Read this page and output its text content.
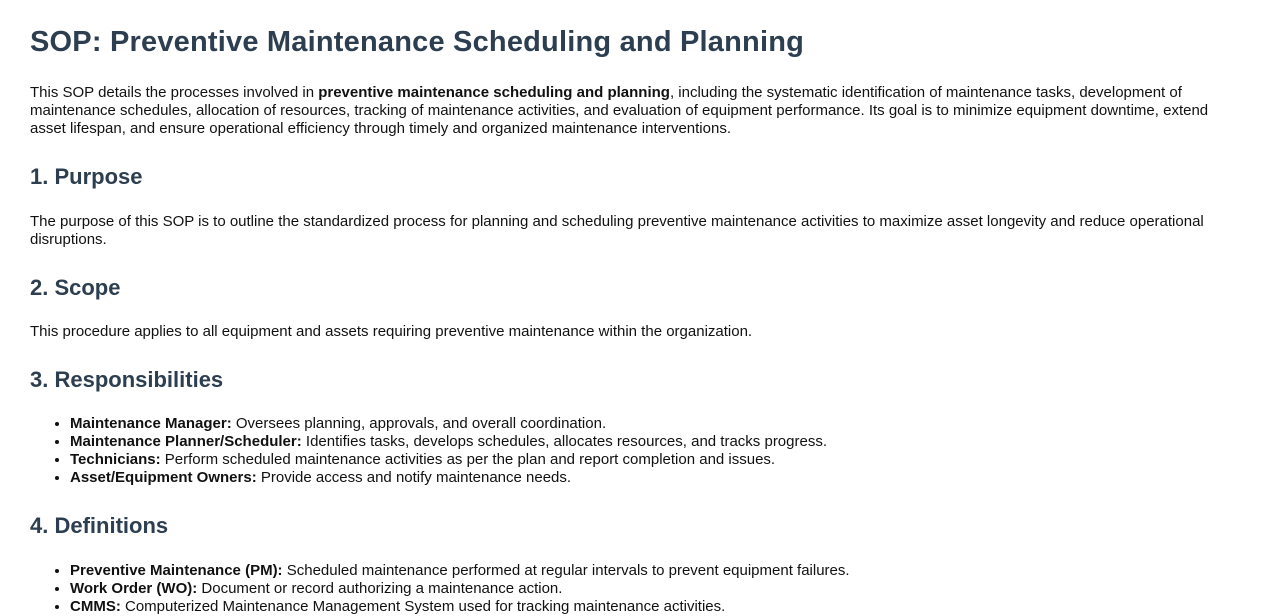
SOP: Preventive Maintenance Scheduling and Planning

This SOP details the processes involved in preventive maintenance scheduling and planning, including the systematic identification of maintenance tasks, development of maintenance schedules, allocation of resources, tracking of maintenance activities, and evaluation of equipment performance. Its goal is to minimize equipment downtime, extend asset lifespan, and ensure operational efficiency through timely and organized maintenance interventions.

1. Purpose

The purpose of this SOP is to outline the standardized process for planning and scheduling preventive maintenance activities to maximize asset longevity and reduce operational disruptions.

2. Scope

This procedure applies to all equipment and assets requiring preventive maintenance within the organization.

3. Responsibilities
• Maintenance Manager: Oversees planning, approvals, and overall coordination.
• Maintenance Planner/Scheduler: Identifies tasks, develops schedules, allocates resources, and tracks progress.
• Technicians: Perform scheduled maintenance activities as per the plan and report completion and issues.
• Asset/Equipment Owners: Provide access and notify maintenance needs.
4. Definitions
• Preventive Maintenance (PM): Scheduled maintenance performed at regular intervals to prevent equipment failures.
• Work Order (WO): Document or record authorizing a maintenance action.
• CMMS: Computerized Maintenance Management System used for tracking maintenance activities.
